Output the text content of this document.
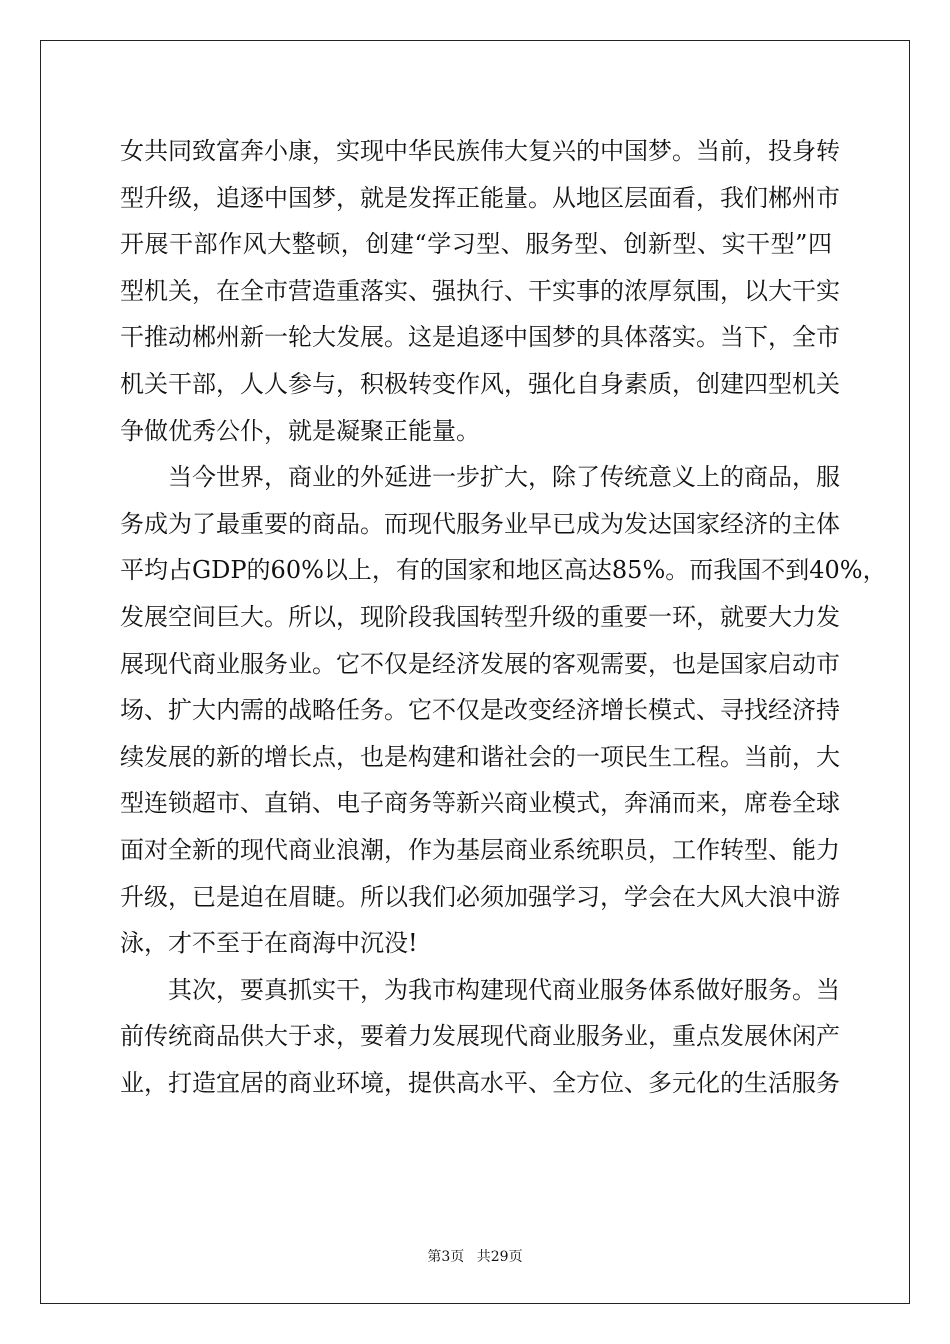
女共同致富奔小康，实现中华民族伟大复兴的中国梦。当前，投身转
型升级，追逐中国梦，就是发挥正能量。从地区层面看，我们郴州市
开展干部作风大整顿，创建“学习型、服务型、创新型、实干型”四
型机关，在全市营造重落实、强执行、干实事的浓厚氛围，以大干实
干推动郴州新一轮大发展。这是追逐中国梦的具体落实。当下，全市
机关干部，人人参与，积极转变作风，强化自身素质，创建四型机关
争做优秀公仆，就是凝聚正能量。
当今世界，商业的外延进一步扩大，除了传统意义上的商品，服
务成为了最重要的商品。而现代服务业早已成为发达国家经济的主体
平均占GDP的60%以上，有的国家和地区高达85%。而我国不到40%，
发展空间巨大。所以，现阶段我国转型升级的重要一环，就要大力发
展现代商业服务业。它不仅是经济发展的客观需要，也是国家启动市
场、扩大内需的战略任务。它不仅是改变经济增长模式、寻找经济持
续发展的新的增长点，也是构建和谐社会的一项民生工程。当前，大
型连锁超市、直销、电子商务等新兴商业模式，奔涌而来，席卷全球
面对全新的现代商业浪潮，作为基层商业系统职员，工作转型、能力
升级，已是迫在眉睫。所以我们必须加强学习，学会在大风大浪中游
泳，才不至于在商海中沉没!
其次，要真抓实干，为我市构建现代商业服务体系做好服务。当
前传统商品供大于求，要着力发展现代商业服务业，重点发展休闲产
业，打造宜居的商业环境，提供高水平、全方位、多元化的生活服务
第3页 共29页
